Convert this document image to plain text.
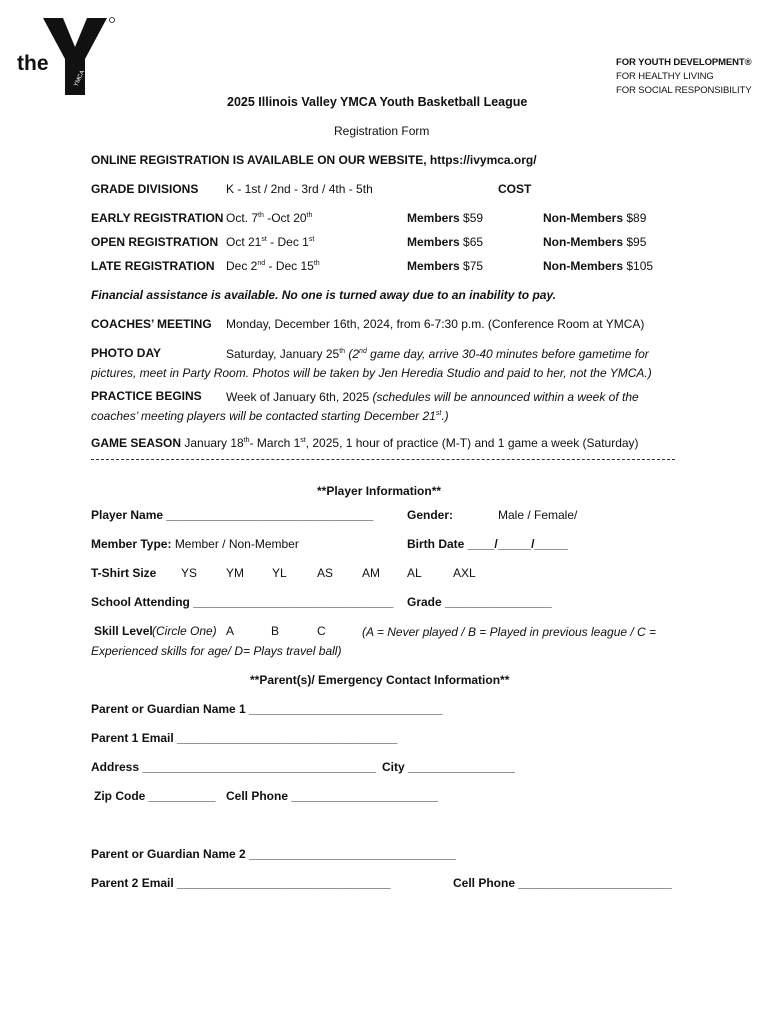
the
YMCA
FOR YOUTH DEVELOPMENT®
FOR HEALTHY LIVING
FOR SOCIAL RESPONSIBILITY
2025 Illinois Valley YMCA Youth Basketball League
Registration Form
ONLINE REGISTRATION IS AVAILABLE ON OUR WEBSITE, https://ivymca.org/
GRADE DIVISIONS K - 1st / 2nd - 3rd / 4th - 5th	COST
EARLY REGISTRATION Oct. 7th -Oct 20th	Members $59	Non-Members $89
OPEN REGISTRATION Oct 21st - Dec 1st	Members $65	Non-Members $95
LATE REGISTRATION Dec 2nd - Dec 15th	Members $75	Non-Members $105
Financial assistance is available. No one is turned away due to an inability to pay.
COACHES’ MEETING Monday, December 16th, 2024, from 6-7:30 p.m. (Conference Room at YMCA)
PHOTO DAY	Saturday, January 25th (2nd game day, arrive 30-40 minutes before gametime for pictures, meet in Party Room. Photos will be taken by Jen Heredia Studio and paid to her, not the YMCA.)
PRACTICE BEGINS	Week of January 6th, 2025 (schedules will be announced within a week of the coaches’ meeting players will be contacted starting December 21st.)
GAME SEASON January 18th- March 1st, 2025, 1 hour of practice (M-T) and 1 game a week (Saturday)
**Player Information**
Player Name _______________________________	Gender:	Male / Female/
Member Type: Member / Non-Member	Birth Date ____/_____/_____
T-Shirt Size YS YM YL	AS AM AL	AXL
School Attending ______________________________ Grade ________________
Skill Level (Circle One) A	B	C	(A = Never played / B = Played in previous league / C = Experienced skills for age/ D= Plays travel ball)
**Parent(s)/ Emergency Contact Information**
Parent or Guardian Name 1 _____________________________
Parent 1 Email _________________________________
Address ___________________________________ City ________________
Zip Code __________ Cell Phone ______________________
Parent or Guardian Name 2 _______________________________
Parent 2 Email ________________________________	Cell Phone _______________________
